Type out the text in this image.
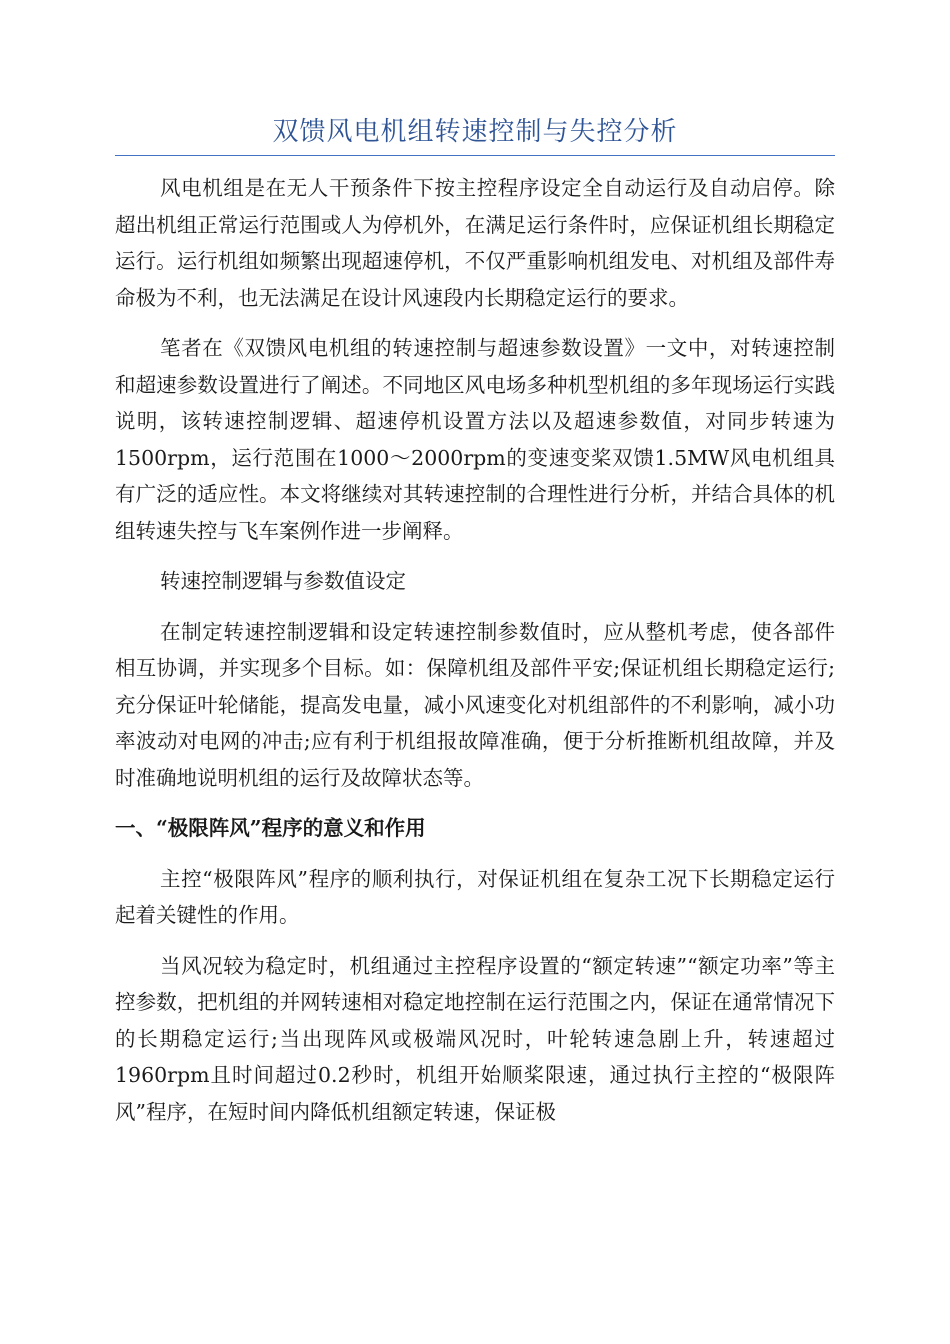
双馈风电机组转速控制与失控分析

风电机组是在无人干预条件下按主控程序设定全自动运行及自动启停。除超出机组正常运行范围或人为停机外，在满足运行条件时，应保证机组长期稳定运行。运行机组如频繁出现超速停机，不仅严重影响机组发电、对机组及部件寿命极为不利，也无法满足在设计风速段内长期稳定运行的要求。

笔者在《双馈风电机组的转速控制与超速参数设置》一文中，对转速控制和超速参数设置进行了阐述。不同地区风电场多种机型机组的多年现场运行实践说明，该转速控制逻辑、超速停机设置方法以及超速参数值，对同步转速为1500rpm，运行范围在1000～2000rpm的变速变桨双馈1.5MW风电机组具有广泛的适应性。本文将继续对其转速控制的合理性进行分析，并结合具体的机组转速失控与飞车案例作进一步阐释。

转速控制逻辑与参数值设定

在制定转速控制逻辑和设定转速控制参数值时，应从整机考虑，使各部件相互协调，并实现多个目标。如：保障机组及部件平安;保证机组长期稳定运行;充分保证叶轮储能，提高发电量，减小风速变化对机组部件的不利影响，减小功率波动对电网的冲击;应有利于机组报故障准确，便于分析推断机组故障，并及时准确地说明机组的运行及故障状态等。

一、“极限阵风”程序的意义和作用

主控“极限阵风”程序的顺利执行，对保证机组在复杂工况下长期稳定运行起着关键性的作用。

当风况较为稳定时，机组通过主控程序设置的“额定转速”“额定功率”等主控参数，把机组的并网转速相对稳定地控制在运行范围之内，保证在通常情况下的长期稳定运行;当出现阵风或极端风况时，叶轮转速急剧上升，转速超过1960rpm且时间超过0.2秒时，机组开始顺桨限速，通过执行主控的“极限阵风”程序，在短时间内降低机组额定转速，保证极
